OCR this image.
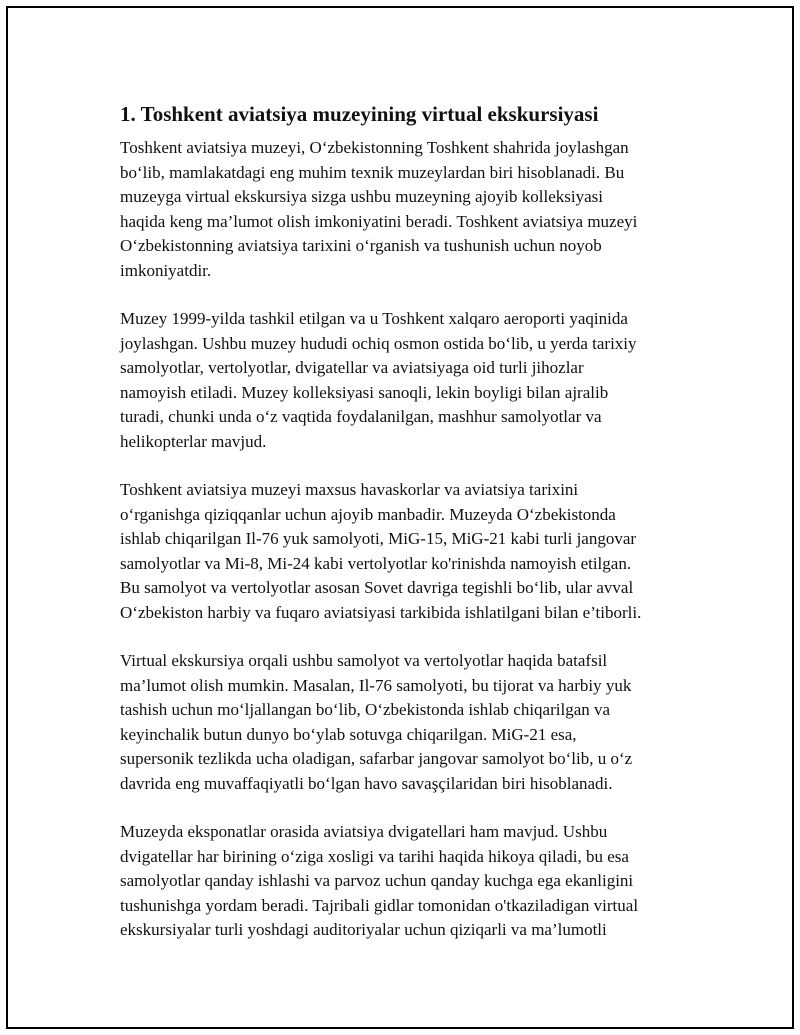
1. Toshkent aviatsiya muzeyining virtual ekskursiyasi

Toshkent aviatsiya muzeyi, O‘zbekistonning Toshkent shahrida joylashgan
bo‘lib, mamlakatdagi eng muhim texnik muzeylardan biri hisoblanadi. Bu
muzeyga virtual ekskursiya sizga ushbu muzeyning ajoyib kolleksiyasi
haqida keng ma’lumot olish imkoniyatini beradi. Toshkent aviatsiya muzeyi
O‘zbekistonning aviatsiya tarixini o‘rganish va tushunish uchun noyob
imkoniyatdir.

Muzey 1999-yilda tashkil etilgan va u Toshkent xalqaro aeroporti yaqinida
joylashgan. Ushbu muzey hududi ochiq osmon ostida bo‘lib, u yerda tarixiy
samolyotlar, vertolyotlar, dvigatellar va aviatsiyaga oid turli jihozlar
namoyish etiladi. Muzey kolleksiyasi sanoqli, lekin boyligi bilan ajralib
turadi, chunki unda o‘z vaqtida foydalanilgan, mashhur samolyotlar va
helikopterlar mavjud.

Toshkent aviatsiya muzeyi maxsus havaskorlar va aviatsiya tarixini
o‘rganishga qiziqqanlar uchun ajoyib manbadir. Muzeyda O‘zbekistonda
ishlab chiqarilgan Il-76 yuk samolyoti, MiG-15, MiG-21 kabi turli jangovar
samolyotlar va Mi-8, Mi-24 kabi vertolyotlar ko'rinishda namoyish etilgan.
Bu samolyot va vertolyotlar asosan Sovet davriga tegishli bo‘lib, ular avval
O‘zbekiston harbiy va fuqaro aviatsiyasi tarkibida ishlatilgani bilan e’tiborli.

Virtual ekskursiya orqali ushbu samolyot va vertolyotlar haqida batafsil
ma’lumot olish mumkin. Masalan, Il-76 samolyoti, bu tijorat va harbiy yuk
tashish uchun mo‘ljallangan bo‘lib, O‘zbekistonda ishlab chiqarilgan va
keyinchalik butun dunyo bo‘ylab sotuvga chiqarilgan. MiG-21 esa,
supersonik tezlikda ucha oladigan, safarbar jangovar samolyot bo‘lib, u o‘z
davrida eng muvaffaqiyatli bo‘lgan havo savaşçilaridan biri hisoblanadi.

Muzeyda eksponatlar orasida aviatsiya dvigatellari ham mavjud. Ushbu
dvigatellar har birining o‘ziga xosligi va tarihi haqida hikoya qiladi, bu esa
samolyotlar qanday ishlashi va parvoz uchun qanday kuchga ega ekanligini
tushunishga yordam beradi. Tajribali gidlar tomonidan o'tkaziladigan virtual
ekskursiyalar turli yoshdagi auditoriyalar uchun qiziqarli va ma’lumotli
